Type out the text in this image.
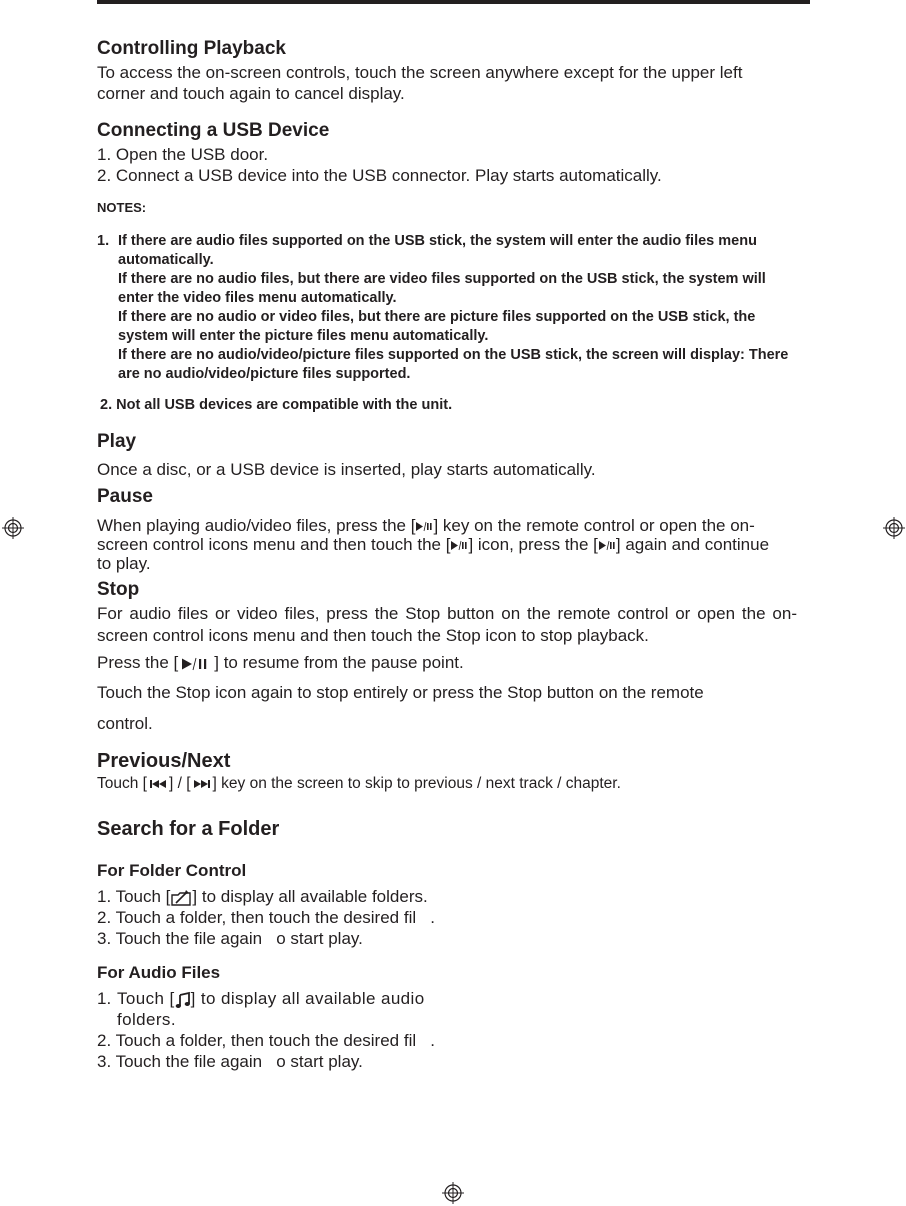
Controlling Playback

To access the on-screen controls, touch the screen anywhere except for the upper left corner and touch again to cancel display.

Connecting a USB Device

1. Open the USB door.

2. Connect a USB device into the USB connector. Play starts automatically.

NOTES:
1. If there are audio files supported on the USB stick, the system will enter the audio files menu automatically.
If there are no audio files, but there are video files supported on the USB stick, the system will enter the video files menu automatically.
If there are no audio or video files, but there are picture files supported on the USB stick, the system will enter the picture files menu automatically.
If there are no audio/video/picture files supported on the USB stick, the screen will display: There are no audio/video/picture files supported.
2. Not all USB devices are compatible with the unit.
Play

Once a disc, or a USB device is inserted, play starts automatically.

Pause

When playing audio/video files, press the [ ] key on the remote control or open the on-screen control icons menu and then touch the [ ] icon, press the [ ] again and continue to play.

Stop

For audio files or video files, press the Stop button on the remote control or open the on-screen control icons menu and then touch the Stop icon to stop playback.

Press the [ ] to resume from the pause point.

Touch the Stop icon again to stop entirely or press the Stop button on the remote control.

Previous/Next

Touch [ ] / [ ] key on the screen to skip to previous / next track / chapter.

Search for a Folder
For Folder Control

1. Touch [ ] to display all available folders.

2. Touch a folder, then touch the desired fil   .

3. Touch the file again   o start play.

For Audio Files

1. Touch [ ] to display all available audio folders.

2. Touch a folder, then touch the desired fil   .

3. Touch the file again   o start play.
